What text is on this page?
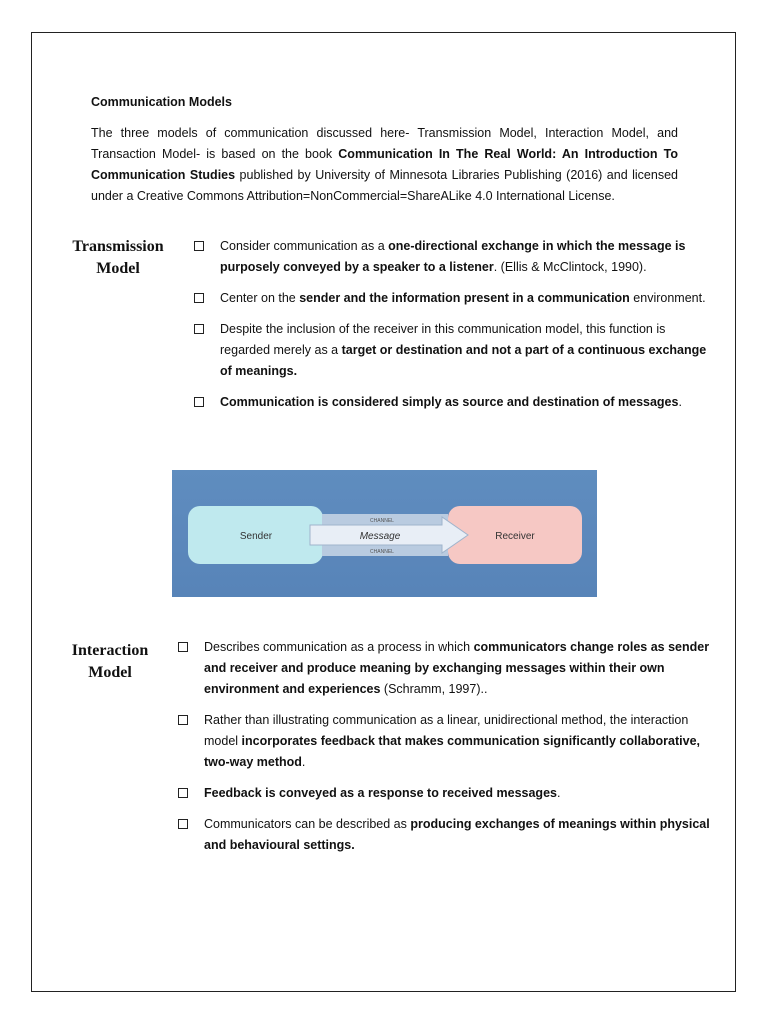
Communication Models
The three models of communication discussed here- Transmission Model, Interaction Model, and Transaction Model- is based on the book Communication In The Real World: An Introduction To Communication Studies published by University of Minnesota Libraries Publishing (2016) and licensed under a Creative Commons Attribution=NonCommercial=ShareALike 4.0 International License.
Transmission
Model
Consider communication as a one-directional exchange in which the message is purposely conveyed by a speaker to a listener. (Ellis & McClintock, 1990).
Center on the sender and the information present in a communication environment.
Despite the inclusion of the receiver in this communication model, this function is regarded merely as a target or destination and not a part of a continuous exchange of meanings.
Communication is considered simply as source and destination of messages.
Sender	Message	Receiver
CHANNEL
CHANNEL
Interaction
Model
Describes communication as a process in which communicators change roles as sender and receiver and produce meaning by exchanging messages within their own environment and experiences (Schramm, 1997)..
Rather than illustrating communication as a linear, unidirectional method, the interaction model incorporates feedback that makes communication significantly collaborative, two-way method.
Feedback is conveyed as a response to received messages.
Communicators can be described as producing exchanges of meanings within physical and behavioural settings.
